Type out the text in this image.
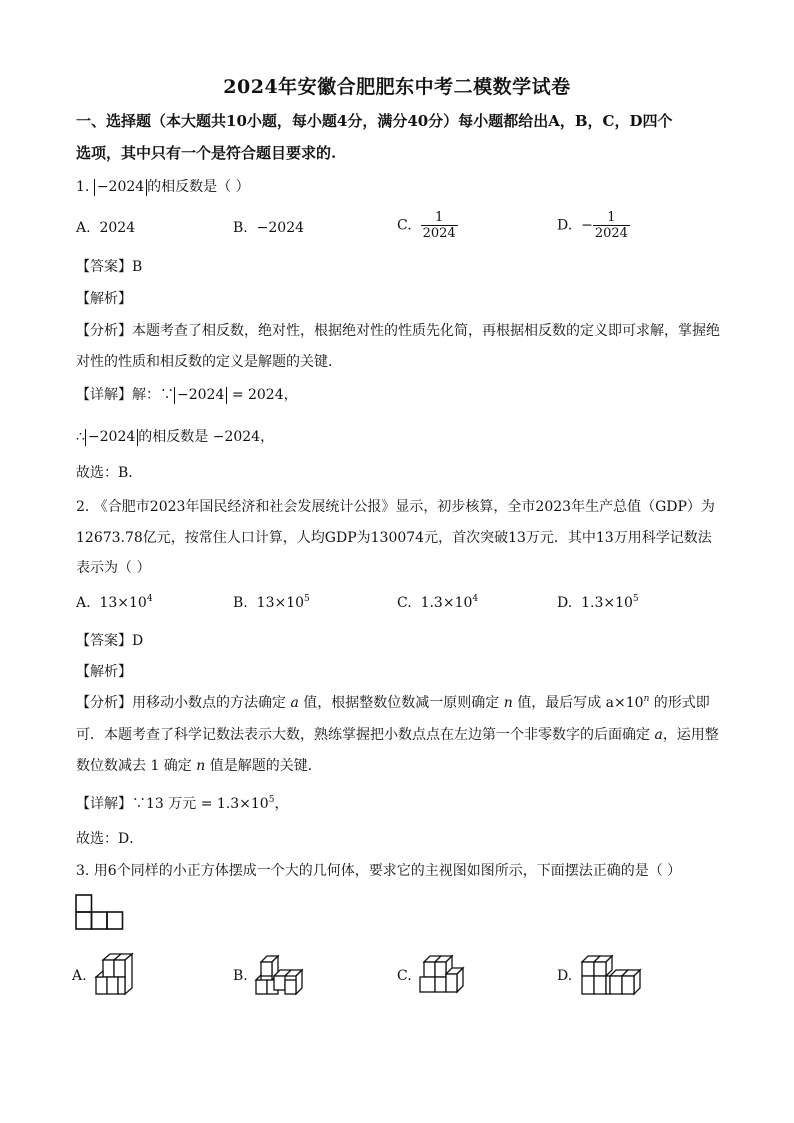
2024年安徽合肥肥东中考二模数学试卷
一、选择题（本大题共10小题，每小题4分，满分40分）每小题都给出A，B，C，D四个
选项，其中只有一个是符合题目要求的.
1. −2024 的相反数是（ ）
A. 2024	B. −2024	C. $\frac{1}{2024}$	D. − $\frac{1}{2024}$
【答案】B
【解析】
【分析】本题考查了相反数，绝对性，根据绝对性的性质先化简，再根据相反数的定义即可求解，掌握绝
对性的性质和相反数的定义是解题的关键．
【详解】解：∵ −2024 = 2024，
∴ −2024 的相反数是 −2024，
故选：B．
2. 《合肥市2023年国民经济和社会发展统计公报》显示，初步核算，全市2023年生产总值（GDP）为
12673.78亿元，按常住人口计算，人均GDP为130074元，首次突破13万元．其中13万用科学记数法
表示为（ ）
A. $13\times 10^4$	B. $13\times 10^5$	C. $1.3\times 10^4$	D. $1.3\times 10^5$
【答案】D
【解析】
【分析】用移动小数点的方法确定 a 值，根据整数位数减一原则确定 n 值，最后写成 $a\times 10^n$ 的形式即
可．本题考查了科学记数法表示大数，熟练掌握把小数点点在左边第一个非零数字的后面确定 a，运用整
数位数减去 1 确定 n 值是解题的关键．
【详解】∵13 万元 = $1.3\times 10^5$，
故选：D．
3. 用6个同样的小正方体摆成一个大的几何体，要求它的主视图如图所示，下面摆法正确的是（ ）
A.	B.	C.	D.
